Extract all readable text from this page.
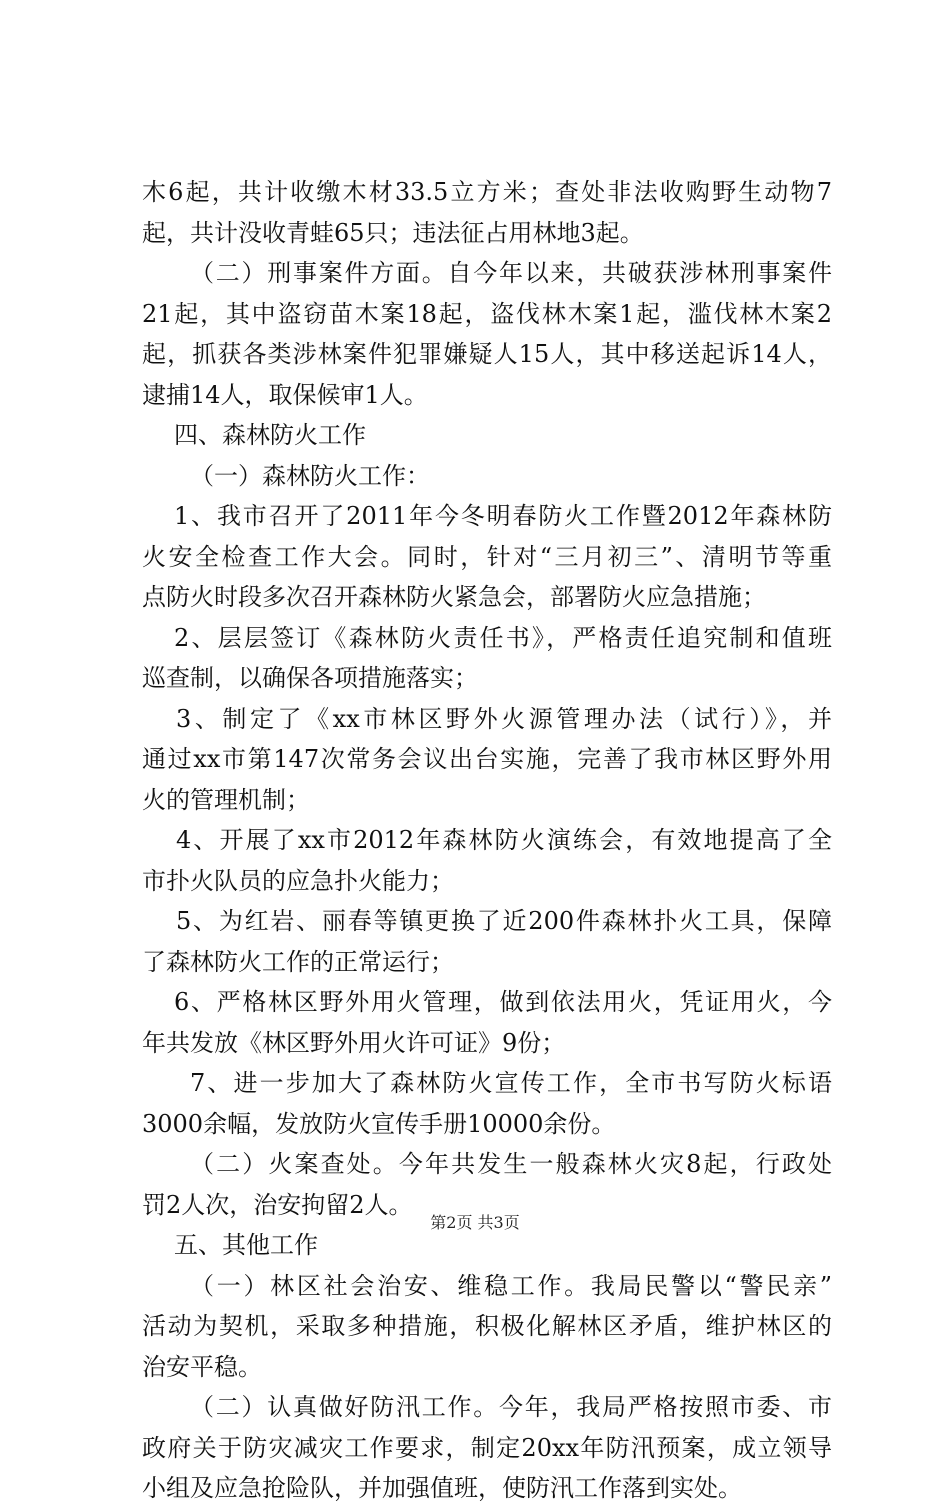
木6起，共计收缴木材33.5立方米；查处非法收购野生动物7
起，共计没收青蛙65只；违法征占用林地3起。
（二）刑事案件方面。自今年以来，共破获涉林刑事案件
21起，其中盗窃苗木案18起，盗伐林木案1起，滥伐林木案2
起，抓获各类涉林案件犯罪嫌疑人15人，其中移送起诉14人，
逮捕14人，取保候审1人。
四、森林防火工作
（一）森林防火工作：
1、我市召开了2011年今冬明春防火工作暨2012年森林防
火安全检查工作大会。同时，针对“三月初三”、清明节等重
点防火时段多次召开森林防火紧急会，部署防火应急措施；
2、层层签订《森林防火责任书》，严格责任追究制和值班
巡查制，以确保各项措施落实；
3、制定了《xx市林区野外火源管理办法（试行）》，并
通过xx市第147次常务会议出台实施，完善了我市林区野外用
火的管理机制；
4、开展了xx市2012年森林防火演练会，有效地提高了全
市扑火队员的应急扑火能力；
5、为红岩、丽春等镇更换了近200件森林扑火工具，保障
了森林防火工作的正常运行；
6、严格林区野外用火管理，做到依法用火，凭证用火，今
年共发放《林区野外用火许可证》9份；
7、进一步加大了森林防火宣传工作，全市书写防火标语
3000余幅，发放防火宣传手册10000余份。
（二）火案查处。今年共发生一般森林火灾8起，行政处
罚2人次，治安拘留2人。
五、其他工作
（一）林区社会治安、维稳工作。我局民警以“警民亲”
活动为契机，采取多种措施，积极化解林区矛盾，维护林区的
治安平稳。
（二）认真做好防汛工作。今年，我局严格按照市委、市
政府关于防灾减灾工作要求，制定20xx年防汛预案，成立领导
小组及应急抢险队，并加强值班，使防汛工作落到实处。
第2页 共3页
